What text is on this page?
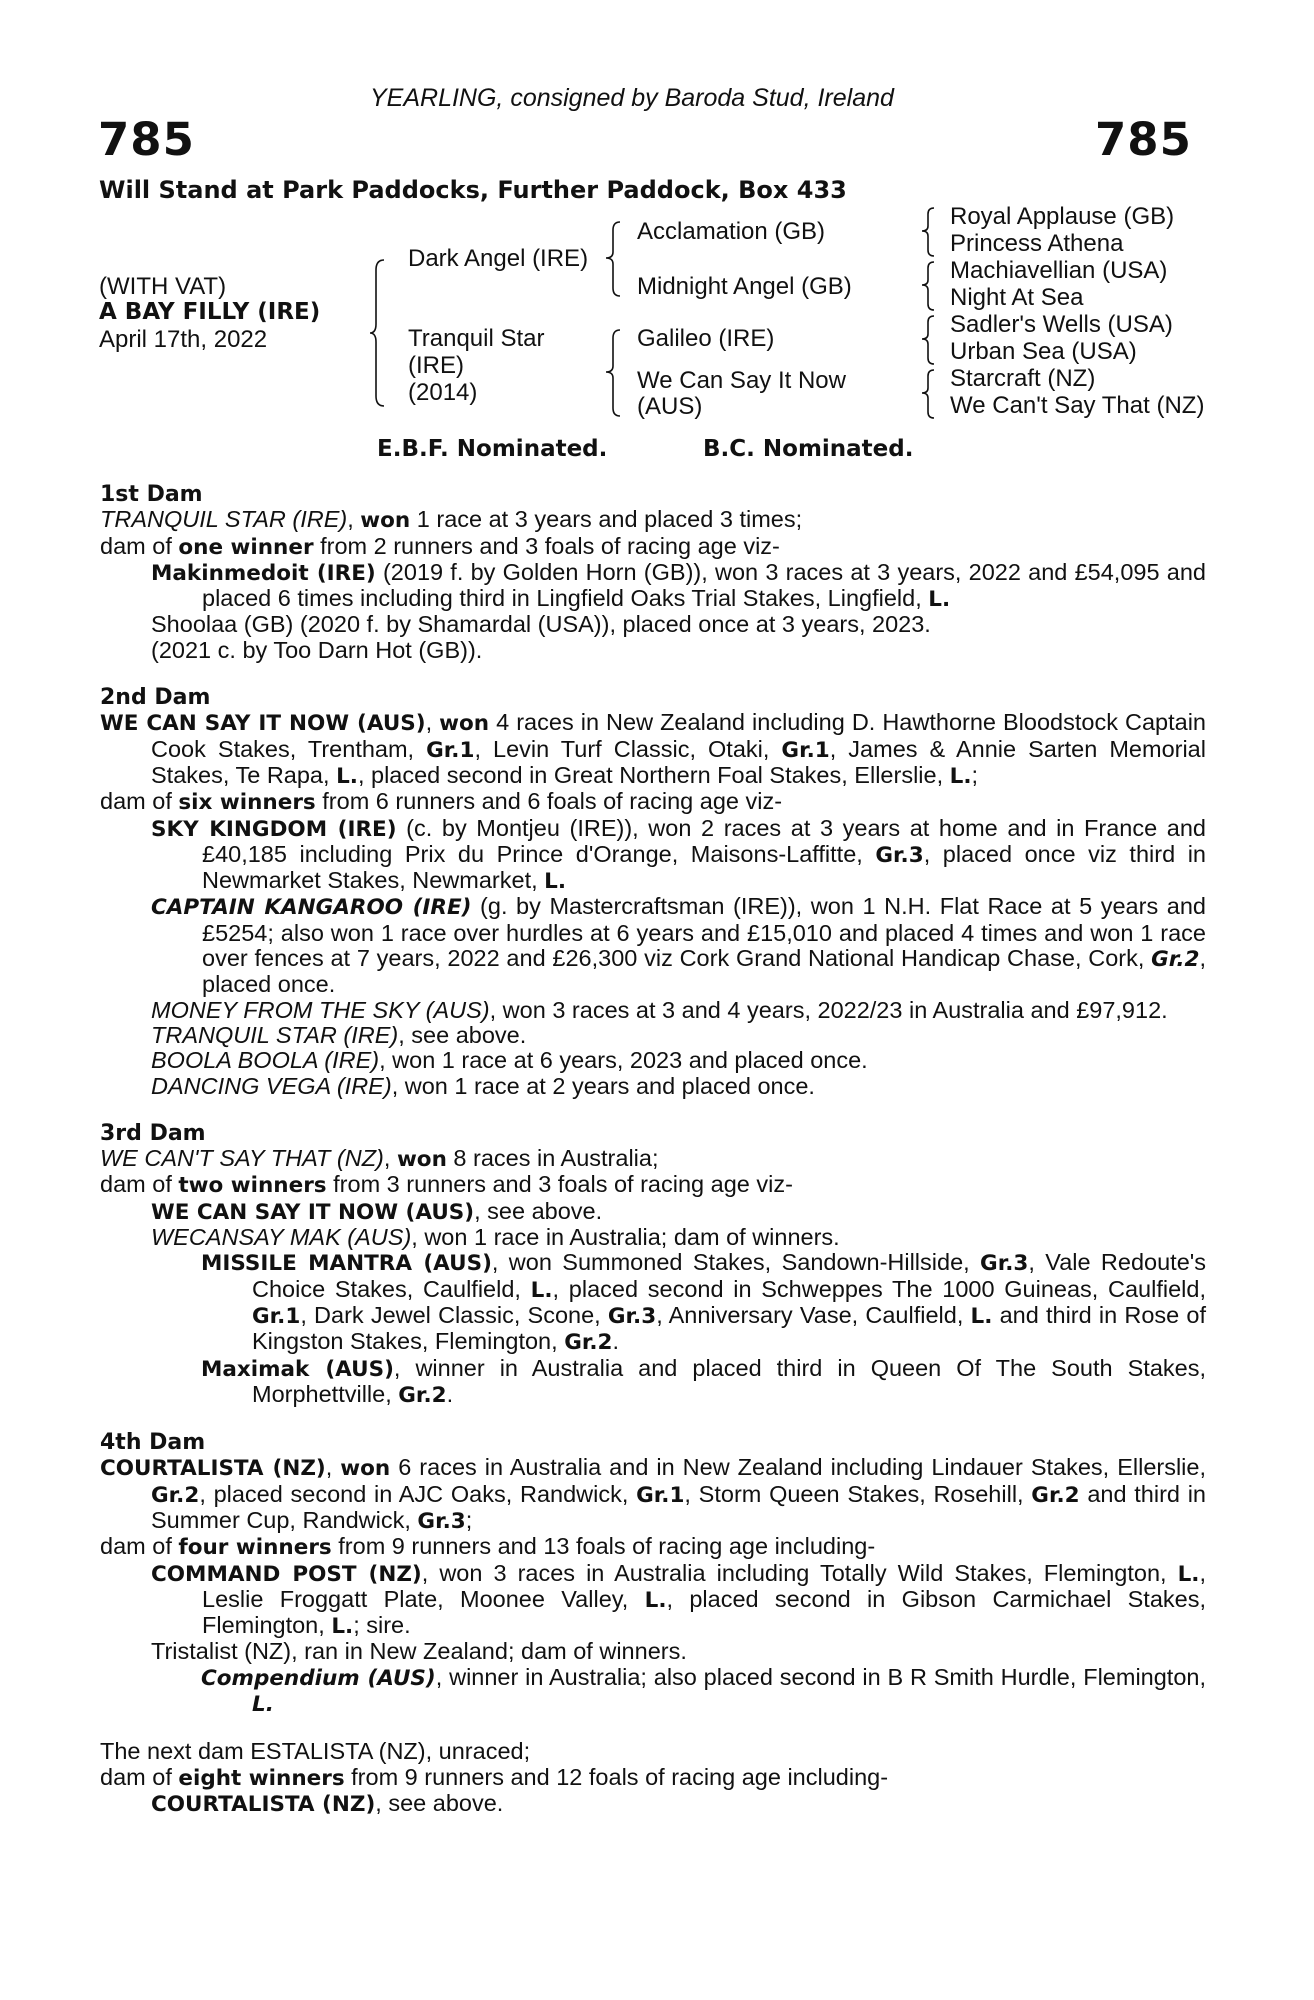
YEARLING, consigned by Baroda Stud, Ireland
785	785
Will Stand at Park Paddocks, Further Paddock, Box 433
(WITH VAT)
A BAY FILLY (IRE)
April 17th, 2022
Dark Angel (IRE)
Tranquil Star
(IRE)
(2014)
Acclamation (GB)
Midnight Angel (GB)
Galileo (IRE)
We Can Say It Now
(AUS)
Royal Applause (GB)
Princess Athena
Machiavellian (USA)
Night At Sea
Sadler's Wells (USA)
Urban Sea (USA)
Starcraft (NZ)
We Can't Say That (NZ)
E.B.F. Nominated.	B.C. Nominated.
1st Dam
TRANQUIL STAR (IRE), won 1 race at 3 years and placed 3 times;
dam of one winner from 2 runners and 3 foals of racing age viz-
Makinmedoit (IRE) (2019 f. by Golden Horn (GB)), won 3 races at 3 years, 2022 and £54,095 and placed 6 times including third in Lingfield Oaks Trial Stakes, Lingfield, L.
Shoolaa (GB) (2020 f. by Shamardal (USA)), placed once at 3 years, 2023.
(2021 c. by Too Darn Hot (GB)).
2nd Dam
WE CAN SAY IT NOW (AUS), won 4 races in New Zealand including D. Hawthorne Bloodstock Captain Cook Stakes, Trentham, Gr.1, Levin Turf Classic, Otaki, Gr.1, James & Annie Sarten Memorial Stakes, Te Rapa, L., placed second in Great Northern Foal Stakes, Ellerslie, L.;
dam of six winners from 6 runners and 6 foals of racing age viz-
SKY KINGDOM (IRE) (c. by Montjeu (IRE)), won 2 races at 3 years at home and in France and £40,185 including Prix du Prince d'Orange, Maisons-Laffitte, Gr.3, placed once viz third in Newmarket Stakes, Newmarket, L.
CAPTAIN KANGAROO (IRE) (g. by Mastercraftsman (IRE)), won 1 N.H. Flat Race at 5 years and £5254; also won 1 race over hurdles at 6 years and £15,010 and placed 4 times and won 1 race over fences at 7 years, 2022 and £26,300 viz Cork Grand National Handicap Chase, Cork, Gr.2, placed once.
MONEY FROM THE SKY (AUS), won 3 races at 3 and 4 years, 2022/23 in Australia and £97,912.
TRANQUIL STAR (IRE), see above.
BOOLA BOOLA (IRE), won 1 race at 6 years, 2023 and placed once.
DANCING VEGA (IRE), won 1 race at 2 years and placed once.
3rd Dam
WE CAN'T SAY THAT (NZ), won 8 races in Australia;
dam of two winners from 3 runners and 3 foals of racing age viz-
WE CAN SAY IT NOW (AUS), see above.
WECANSAY MAK (AUS), won 1 race in Australia; dam of winners.
MISSILE MANTRA (AUS), won Summoned Stakes, Sandown-Hillside, Gr.3, Vale Redoute's Choice Stakes, Caulfield, L., placed second in Schweppes The 1000 Guineas, Caulfield, Gr.1, Dark Jewel Classic, Scone, Gr.3, Anniversary Vase, Caulfield, L. and third in Rose of Kingston Stakes, Flemington, Gr.2.
Maximak (AUS), winner in Australia and placed third in Queen Of The South Stakes, Morphettville, Gr.2.
4th Dam
COURTALISTA (NZ), won 6 races in Australia and in New Zealand including Lindauer Stakes, Ellerslie, Gr.2, placed second in AJC Oaks, Randwick, Gr.1, Storm Queen Stakes, Rosehill, Gr.2 and third in Summer Cup, Randwick, Gr.3;
dam of four winners from 9 runners and 13 foals of racing age including-
COMMAND POST (NZ), won 3 races in Australia including Totally Wild Stakes, Flemington, L., Leslie Froggatt Plate, Moonee Valley, L., placed second in Gibson Carmichael Stakes, Flemington, L.; sire.
Tristalist (NZ), ran in New Zealand; dam of winners.
Compendium (AUS), winner in Australia; also placed second in B R Smith Hurdle, Flemington, L.
The next dam ESTALISTA (NZ), unraced;
dam of eight winners from 9 runners and 12 foals of racing age including-
COURTALISTA (NZ), see above.
